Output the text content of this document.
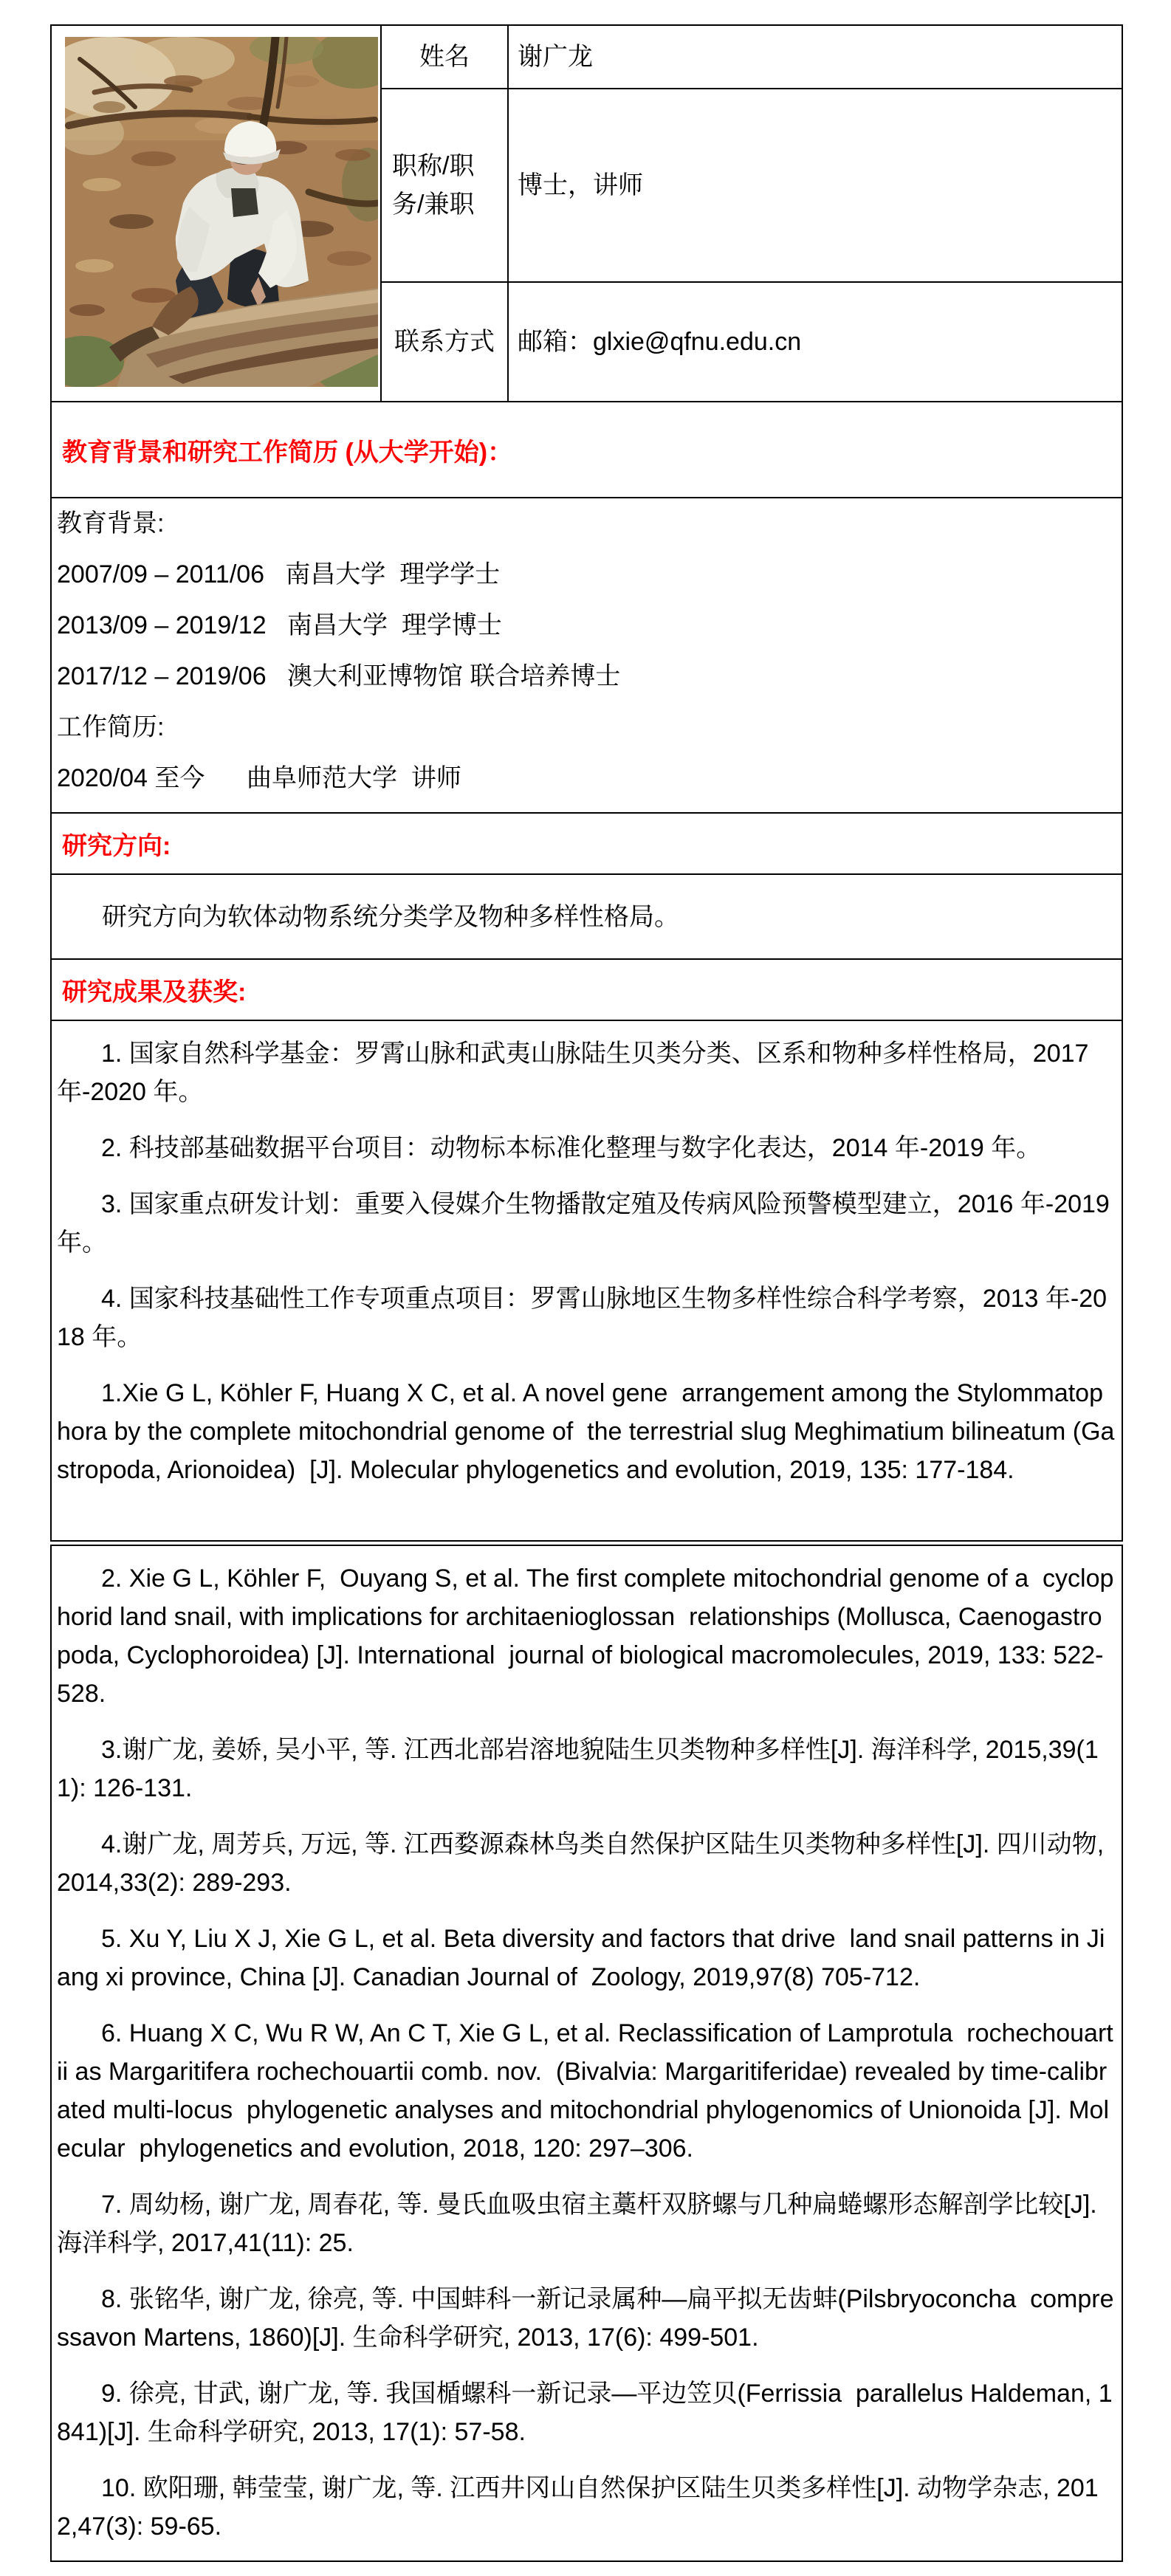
	姓名	谢广龙
	职称/职务/兼职	博士，讲师
	联系方式	邮箱：glxie@qfnu.edu.cn
教育背景和研究工作简历 (从大学开始)：

教育背景:

2007/09 – 2011/06   南昌大学  理学学士

2013/09 – 2019/12   南昌大学  理学博士

2017/12 – 2019/06   澳大利亚博物馆 联合培养博士

工作简历:

2020/04 至今      曲阜师范大学  讲师

研究方向:

研究方向为软体动物系统分类学及物种多样性格局。

研究成果及获奖:

1. 国家自然科学基金：罗霄山脉和武夷山脉陆生贝类分类、区系和物种多样性格局，2017 年-2020 年。

2. 科技部基础数据平台项目：动物标本标准化整理与数字化表达，2014 年-2019 年。

3. 国家重点研发计划：重要入侵媒介生物播散定殖及传病风险预警模型建立，2016 年-2019 年。

4. 国家科技基础性工作专项重点项目：罗霄山脉地区生物多样性综合科学考察，2013 年-2018 年。

1.Xie G L, Köhler F, Huang X C, et al. A novel gene  arrangement among the Stylommatophora by the complete mitochondrial genome of  the terrestrial slug Meghimatium bilineatum (Gastropoda, Arionoidea)  [J]. Molecular phylogenetics and evolution, 2019, 135: 177-184.

2. Xie G L, Köhler F,  Ouyang S, et al. The first complete mitochondrial genome of a  cyclophorid land snail, with implications for architaenioglossan  relationships (Mollusca, Caenogastropoda, Cyclophoroidea) [J]. International  journal of biological macromolecules, 2019, 133: 522-528.

3.谢广龙, 姜娇, 吴小平, 等. 江西北部岩溶地貌陆生贝类物种多样性[J]. 海洋科学, 2015,39(11): 126-131.

4.谢广龙, 周芳兵, 万远, 等. 江西婺源森林鸟类自然保护区陆生贝类物种多样性[J]. 四川动物, 2014,33(2): 289-293.

5. Xu Y, Liu X J, Xie G L, et al. Beta diversity and factors that drive  land snail patterns in Jiang xi province, China [J]. Canadian Journal of  Zoology, 2019,97(8) 705-712.

6. Huang X C, Wu R W, An C T, Xie G L, et al. Reclassification of Lamprotula  rochechouartii as Margaritifera rochechouartii comb. nov.  (Bivalvia: Margaritiferidae) revealed by time-calibrated multi-locus  phylogenetic analyses and mitochondrial phylogenomics of Unionoida [J]. Molecular  phylogenetics and evolution, 2018, 120: 297–306.

7. 周幼杨, 谢广龙, 周春花, 等. 曼氏血吸虫宿主藁杆双脐螺与几种扁蜷螺形态解剖学比较[J]. 海洋科学, 2017,41(11): 25.

8. 张铭华, 谢广龙, 徐亮, 等. 中国蚌科一新记录属种—扁平拟无齿蚌(Pilsbryoconcha  compressavon Martens, 1860)[J]. 生命科学研究, 2013, 17(6): 499-501.

9. 徐亮, 甘武, 谢广龙, 等. 我国楯螺科一新记录—平边笠贝(Ferrissia  parallelus Haldeman, 1841)[J]. 生命科学研究, 2013, 17(1): 57-58.

10. 欧阳珊, 韩莹莹, 谢广龙, 等. 江西井冈山自然保护区陆生贝类多样性[J]. 动物学杂志, 2012,47(3): 59-65.
